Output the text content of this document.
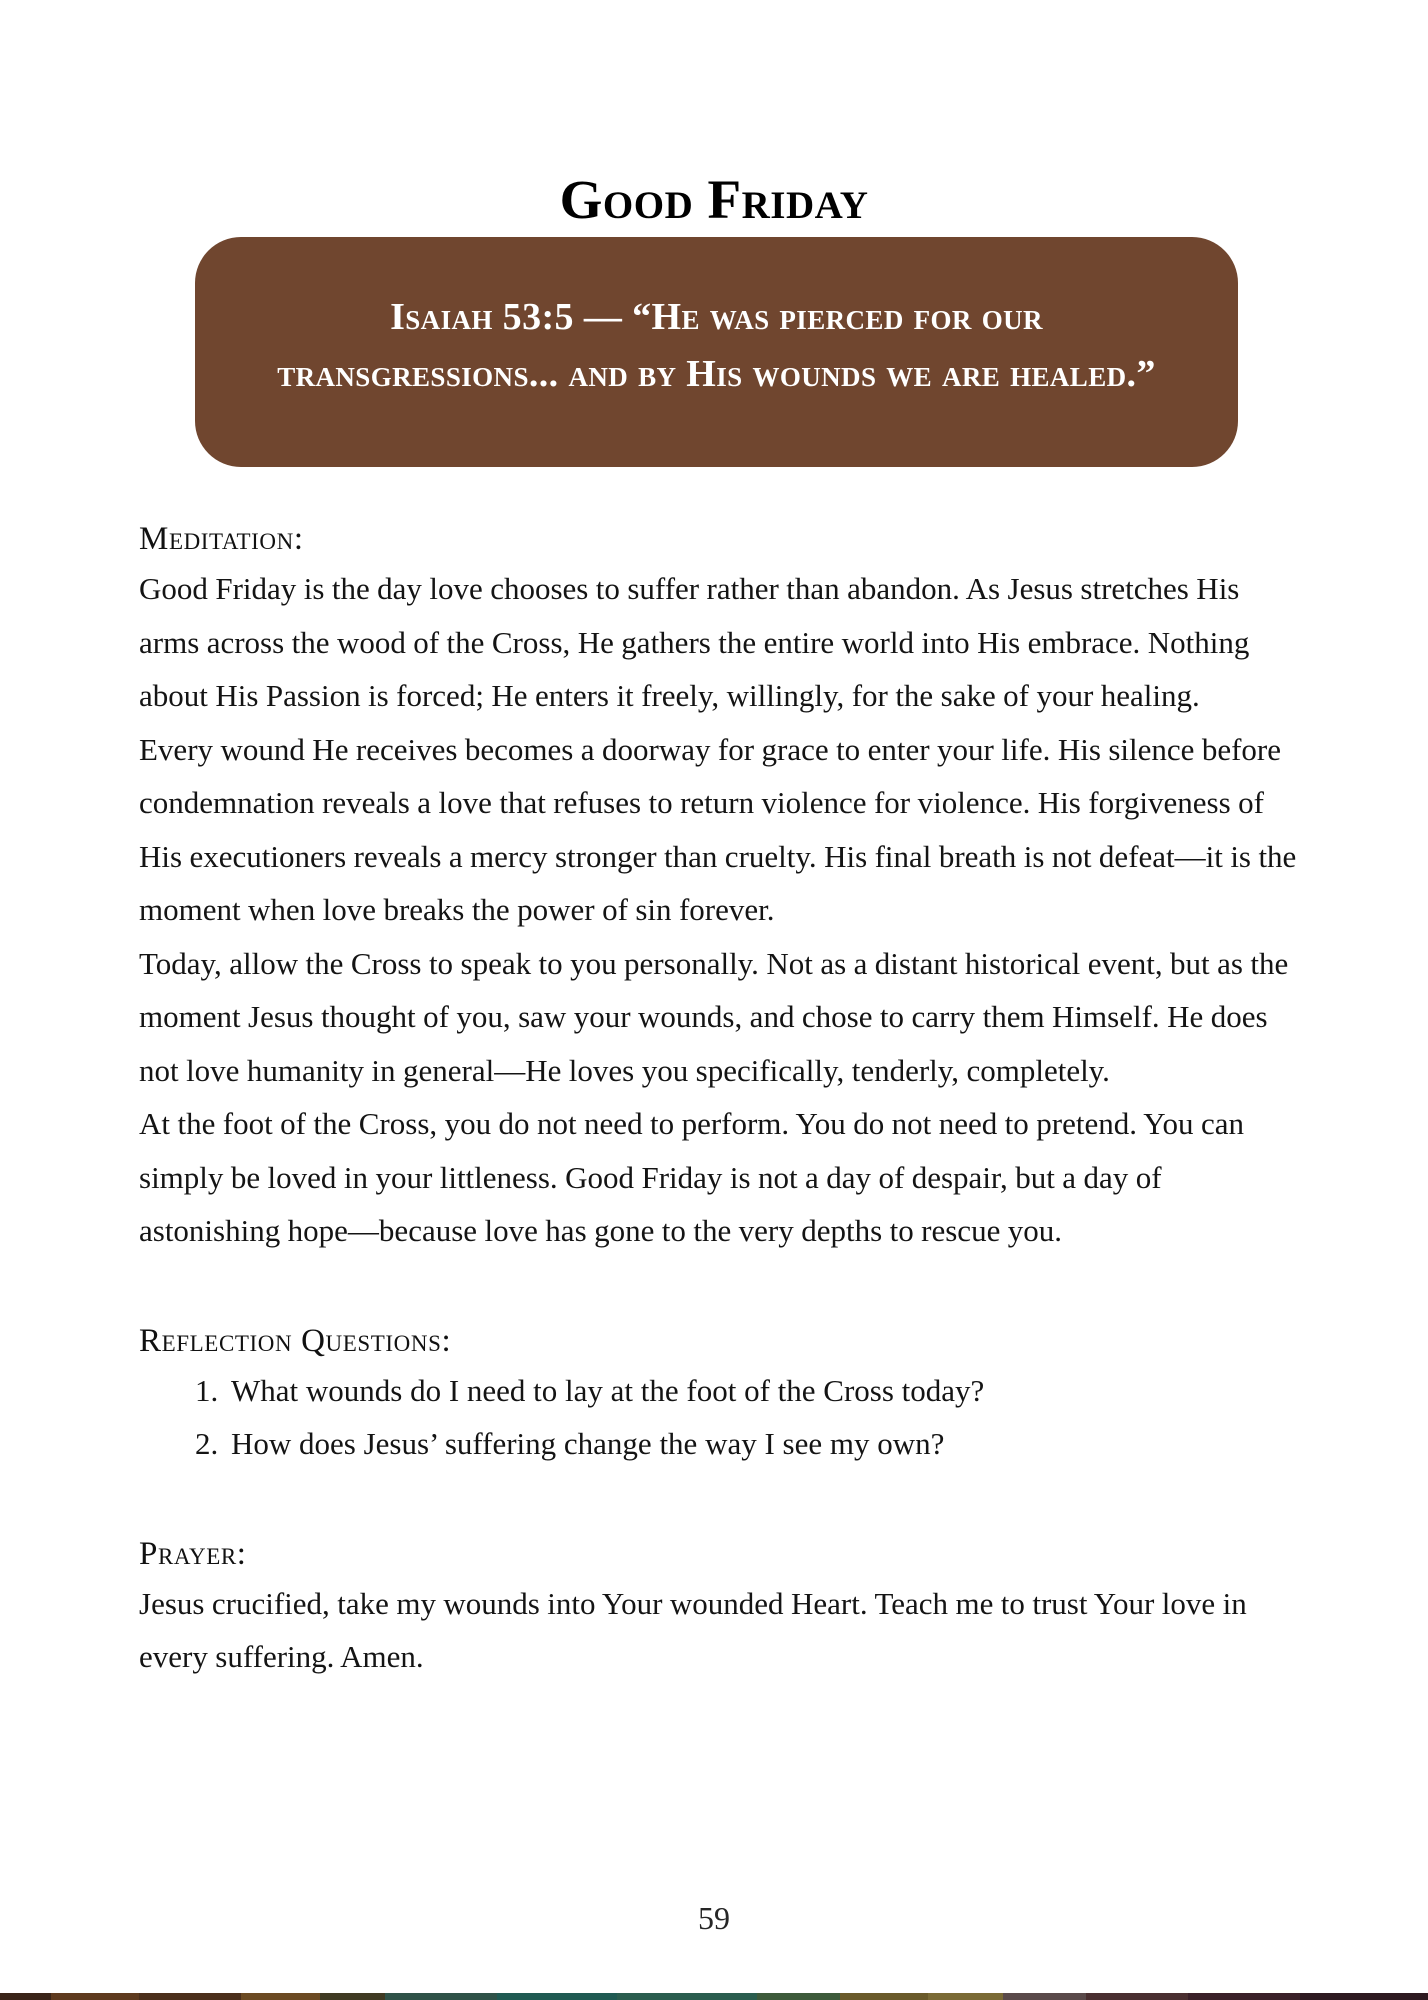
Good Friday
Isaiah 53:5 — “He was pierced for our transgressions... and by His wounds we are healed.”
Meditation:

Good Friday is the day love chooses to suffer rather than abandon. As Jesus stretches His arms across the wood of the Cross, He gathers the entire world into His embrace. Nothing about His Passion is forced; He enters it freely, willingly, for the sake of your healing.

Every wound He receives becomes a doorway for grace to enter your life. His silence before condemnation reveals a love that refuses to return violence for violence. His forgiveness of His executioners reveals a mercy stronger than cruelty. His final breath is not defeat—it is the moment when love breaks the power of sin forever.

Today, allow the Cross to speak to you personally. Not as a distant historical event, but as the moment Jesus thought of you, saw your wounds, and chose to carry them Himself. He does not love humanity in general—He loves you specifically, tenderly, completely.

At the foot of the Cross, you do not need to perform. You do not need to pretend. You can simply be loved in your littleness. Good Friday is not a day of despair, but a day of astonishing hope—because love has gone to the very depths to rescue you.

Reflection Questions:
What wounds do I need to lay at the foot of the Cross today?
How does Jesus’ suffering change the way I see my own?
Prayer:

Jesus crucified, take my wounds into Your wounded Heart. Teach me to trust Your love in every suffering. Amen.

59
